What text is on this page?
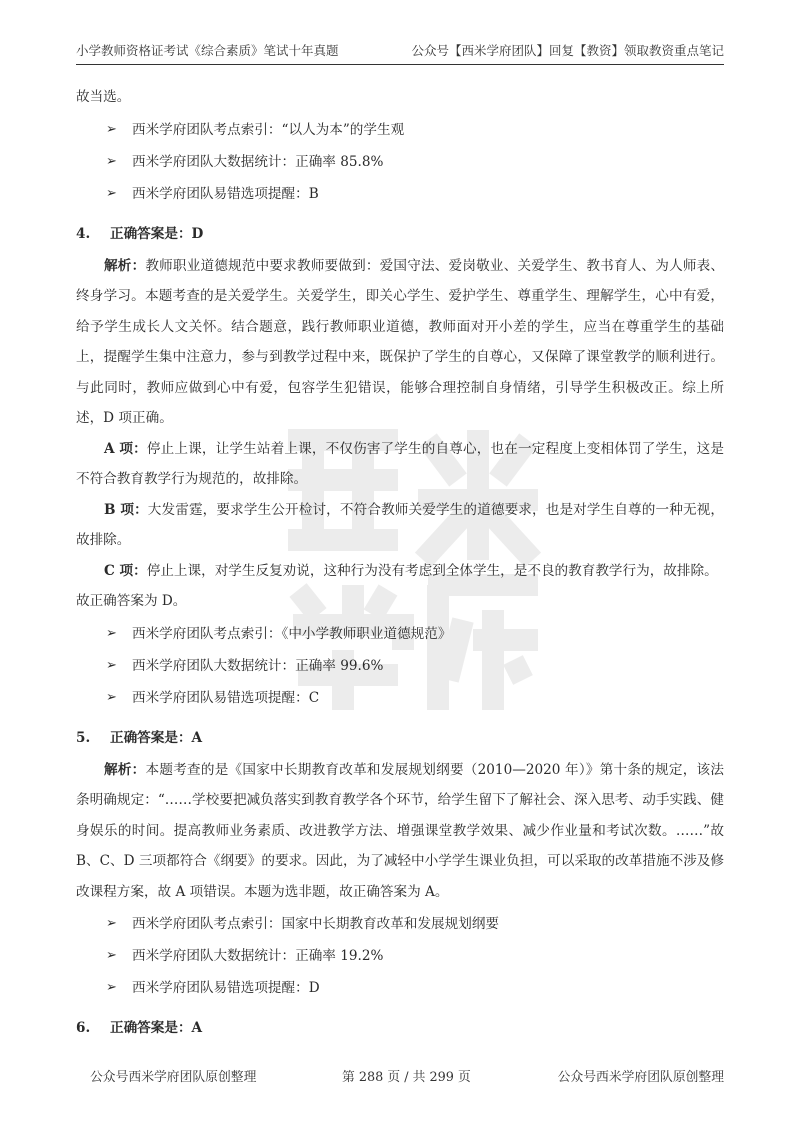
小学教师资格证考试《综合素质》笔试十年真题	公众号【西米学府团队】回复【教资】领取教资重点笔记
故当选。
➢ 西米学府团队考点索引：“以人为本”的学生观
➢ 西米学府团队大数据统计：正确率 85.8%
➢ 西米学府团队易错选项提醒：B
4. 正确答案是：D
解析：教师职业道德规范中要求教师要做到：爱国守法、爱岗敬业、关爱学生、教书育人、为人师表、终身学习。本题考查的是关爱学生。关爱学生，即关心学生、爱护学生、尊重学生、理解学生，心中有爱，给予学生成长人文关怀。结合题意，践行教师职业道德，教师面对开小差的学生，应当在尊重学生的基础上，提醒学生集中注意力，参与到教学过程中来，既保护了学生的自尊心，又保障了课堂教学的顺利进行。与此同时，教师应做到心中有爱，包容学生犯错误，能够合理控制自身情绪，引导学生积极改正。综上所述，D 项正确。
A 项：停止上课，让学生站着上课，不仅伤害了学生的自尊心，也在一定程度上变相体罚了学生，这是不符合教育教学行为规范的，故排除。
B 项：大发雷霆，要求学生公开检讨，不符合教师关爱学生的道德要求，也是对学生自尊的一种无视，故排除。
C 项：停止上课，对学生反复劝说，这种行为没有考虑到全体学生，是不良的教育教学行为，故排除。
故正确答案为 D。
➢ 西米学府团队考点索引：《中小学教师职业道德规范》
➢ 西米学府团队大数据统计：正确率 99.6%
➢ 西米学府团队易错选项提醒：C
5. 正确答案是：A
解析：本题考查的是《国家中长期教育改革和发展规划纲要（2010—2020 年）》第十条的规定，该法条明确规定：“……学校要把减负落实到教育教学各个环节，给学生留下了解社会、深入思考、动手实践、健身娱乐的时间。提高教师业务素质、改进教学方法、增强课堂教学效果、减少作业量和考试次数。……”故 B、C、D 三项都符合《纲要》的要求。因此，为了减轻中小学学生课业负担，可以采取的改革措施不涉及修改课程方案，故 A 项错误。本题为选非题，故正确答案为 A。
➢ 西米学府团队考点索引：国家中长期教育改革和发展规划纲要
➢ 西米学府团队大数据统计：正确率 19.2%
➢ 西米学府团队易错选项提醒：D
6. 正确答案是：A
公众号西米学府团队原创整理	第 288 页 / 共 299 页	公众号西米学府团队原创整理
